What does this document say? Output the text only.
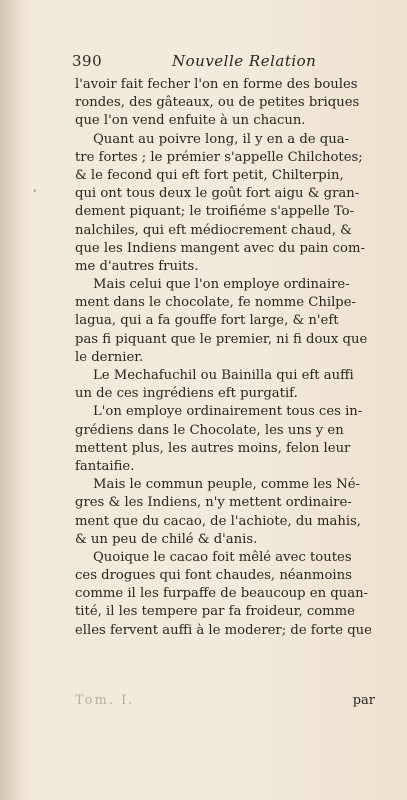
390	Nouvelle Relation
,
l'avoir fait fecher l'on en forme des boules
rondes, des gâteaux, ou de petites briques
que l'on vend enfuite à un chacun.
Quant au poivre long, il y en a de qua-
tre fortes ; le prémier s'appelle Chilchotes;
& le fecond qui eft fort petit, Chilterpin,
qui ont tous deux le goût fort aigu & gran-
dement piquant; le troifiéme s'appelle To-
nalchiles, qui eft médiocrement chaud, &
que les Indiens mangent avec du pain com-
me d'autres fruits.
Mais celui que l'on employe ordinaire-
ment dans le chocolate, fe nomme Chilpe-
lagua, qui a fa gouffe fort large, & n'eft
pas fi piquant que le premier, ni fi doux que
le dernier.
Le Mechafuchil ou Bainilla qui eft auffi
un de ces ingrédiens eft purgatif.
L'on employe ordinairement tous ces in-
grédiens dans le Chocolate, les uns y en
mettent plus, les autres moins, felon leur
fantaifie.
Mais le commun peuple, comme les Né-
gres & les Indiens, n'y mettent ordinaire-
ment que du cacao, de l'achiote, du mahis,
& un peu de chilé & d'anis.
Quoique le cacao foit mêlé avec toutes
ces drogues qui font chaudes, néanmoins
comme il les furpaffe de beaucoup en quan-
tité, il les tempere par fa froideur, comme
elles fervent auffi à le moderer; de forte que
Tom. I.	par
